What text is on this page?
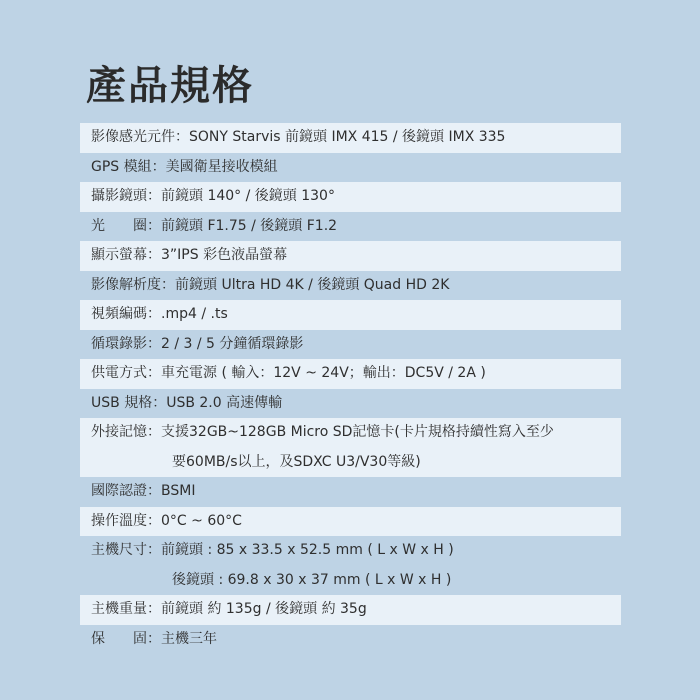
產品規格
影像感光元件：SONY Starvis 前鏡頭 IMX 415 / 後鏡頭 IMX 335
GPS 模組：美國衛星接收模組
攝影鏡頭：前鏡頭 140° / 後鏡頭 130°
光　　圈：前鏡頭 F1.75 / 後鏡頭 F1.2
顯示螢幕：3”IPS 彩色液晶螢幕
影像解析度：前鏡頭 Ultra HD 4K / 後鏡頭 Quad HD 2K
視頻編碼：.mp4 / .ts
循環錄影：2 / 3 / 5 分鐘循環錄影
供電方式：車充電源 ( 輸入：12V ~ 24V；輸出：DC5V / 2A )
USB 規格：USB 2.0 高速傳輸
外接記憶：支援32GB~128GB Micro SD記憶卡(卡片規格持續性寫入至少
要60MB/s以上，及SDXC U3/V30等級)
國際認證：BSMI
操作溫度：0°C ~ 60°C
主機尺寸：前鏡頭 : 85 x 33.5 x 52.5 mm ( L x W x H )
後鏡頭 : 69.8 x 30 x 37 mm ( L x W x H )
主機重量：前鏡頭 約 135g / 後鏡頭 約 35g
保　　固：主機三年
